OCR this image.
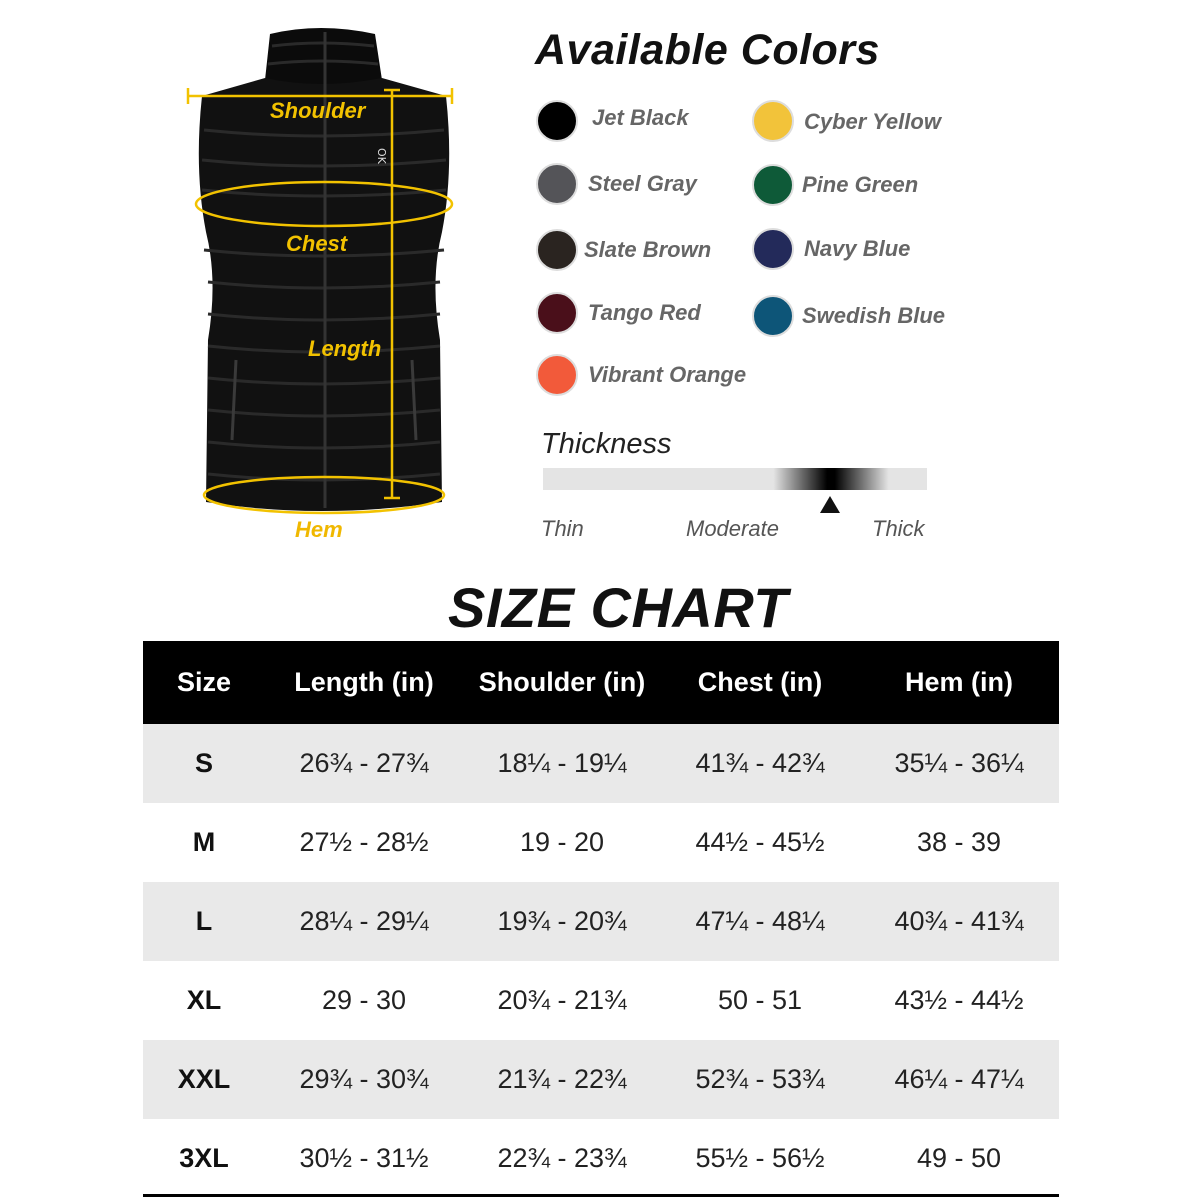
OK
Shoulder
Chest
Length
Hem
Available Colors
Jet Black
Steel Gray
Slate Brown
Tango Red
Vibrant Orange
Cyber Yellow
Pine Green
Navy Blue
Swedish Blue
Thickness
Thin	Moderate	Thick
SIZE CHART
Size	Length (in)	Shoulder (in)	Chest (in)	Hem (in)
S	26¾ - 27¾	18¼ - 19¼	41¾ - 42¾	35¼ - 36¼
M	27½ - 28½	19 - 20	44½ - 45½	38 - 39
L	28¼ - 29¼	19¾ - 20¾	47¼ - 48¼	40¾ - 41¾
XL	29 - 30	20¾ - 21¾	50 - 51	43½ - 44½
XXL	29¾ - 30¾	21¾ - 22¾	52¾ - 53¾	46¼ - 47¼
3XL	30½ - 31½	22¾ - 23¾	55½ - 56½	49 - 50
